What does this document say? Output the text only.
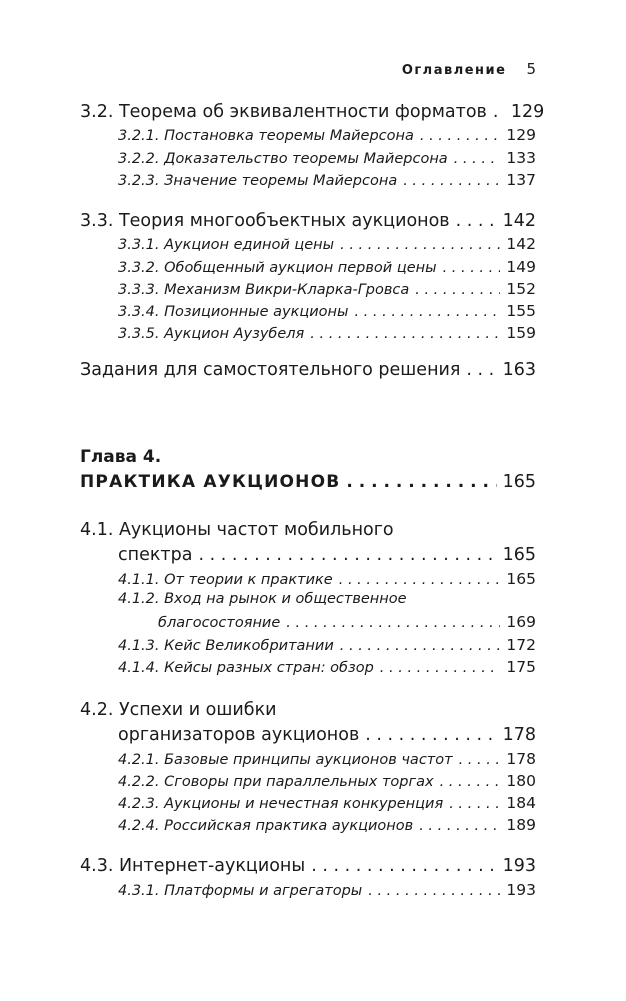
Оглавление 5
3.2. Теорема об эквивалентности форматов . . . 129
3.2.1. Постановка теоремы Майерсона . . .	129
3.2.2. Доказательство теоремы Майерсона . . .	133
3.2.3. Значение теоремы Майерсона . . .	137
3.3. Теория многообъектных аукционов . . .	142
3.3.1. Аукцион единой цены . . .	142
3.3.2. Обобщенный аукцион первой цены . . .	149
3.3.3. Механизм Викри-Кларка-Гровса . . .	152
3.3.4. Позиционные аукционы . . .	155
3.3.5. Аукцион Аузубеля . . .	159
Задания для самостоятельного решения . . . 163
Глава 4.
ПРАКТИКА АУКЦИОНОВ . . .	165
4.1. Аукционы частот мобильного
спектра . . .	165
4.1.1. От теории к практике . . .	165
4.1.2. Вход на рынок и общественное
благосостояние . . .	169
4.1.3. Кейс Великобритании . . .	172
4.1.4. Кейсы разных стран: обзор . . .	175
4.2. Успехи и ошибки
организаторов аукционов . . .	178
4.2.1. Базовые принципы аукционов частот . . .	178
4.2.2. Сговоры при параллельных торгах . . .	180
4.2.3. Аукционы и нечестная конкуренция . . .	184
4.2.4. Российская практика аукционов . . .	189
4.3. Интернет-аукционы . . .	193
4.3.1. Платформы и агрегаторы . . .	193
